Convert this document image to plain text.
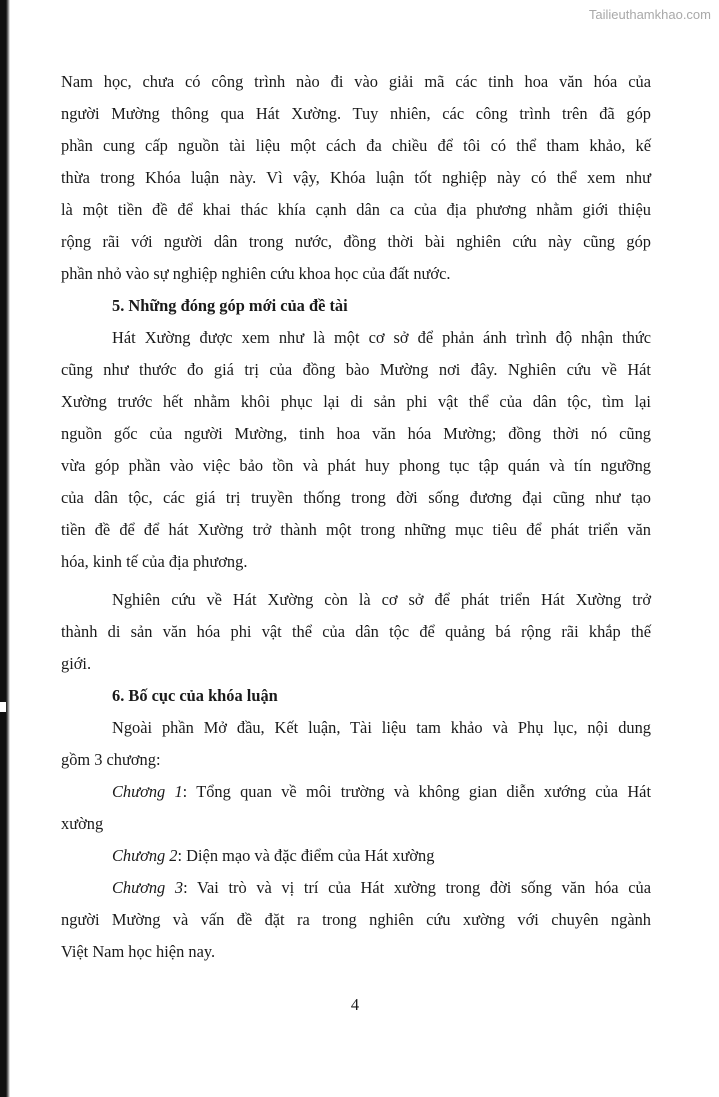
Tailieuthamkhao.com
Nam học, chưa có công trình nào đi vào giải mã các tinh hoa văn hóa của
người Mường thông qua Hát Xường. Tuy nhiên, các công trình trên đã góp
phần cung cấp nguồn tài liệu một cách đa chiều để tôi có thể tham khảo, kế
thừa trong Khóa luận này. Vì vậy, Khóa luận tốt nghiệp này có thể xem như
là một tiền đề để khai thác khía cạnh dân ca của địa phương nhằm giới thiệu
rộng rãi với người dân trong nước, đồng thời bài nghiên cứu này cũng góp
phần nhỏ vào sự nghiệp nghiên cứu khoa học của đất nước.
5. Những đóng góp mới của đề tài
Hát Xường được xem như là một cơ sở để phản ánh trình độ nhận thức
cũng như thước đo giá trị của đồng bào Mường nơi đây. Nghiên cứu về Hát
Xường trước hết nhằm khôi phục lại di sản phi vật thể của dân tộc, tìm lại
nguồn gốc của người Mường, tinh hoa văn hóa Mường; đồng thời nó cũng
vừa góp phần vào việc bảo tồn và phát huy phong tục tập quán và tín ngưỡng
của dân tộc, các giá trị truyền thống trong đời sống đương đại cũng như tạo
tiền đề để để hát Xường trở thành một trong những mục tiêu để phát triển văn
hóa, kinh tế của địa phương.
Nghiên cứu về Hát Xường còn là cơ sở để phát triển Hát Xường trở
thành di sản văn hóa phi vật thể của dân tộc để quảng bá rộng rãi khắp thế
giới.
6. Bố cục của khóa luận
Ngoài phần Mở đầu, Kết luận, Tài liệu tam khảo và Phụ lục, nội dung
gồm 3 chương:
Chương 1: Tổng quan về môi trường và không gian diễn xướng của Hát
xường
Chương 2: Diện mạo và đặc điểm của Hát xường
Chương 3: Vai trò và vị trí của Hát xường trong đời sống văn hóa của
người Mường và vấn đề đặt ra trong nghiên cứu xường với chuyên ngành
Việt Nam học hiện nay.
4
